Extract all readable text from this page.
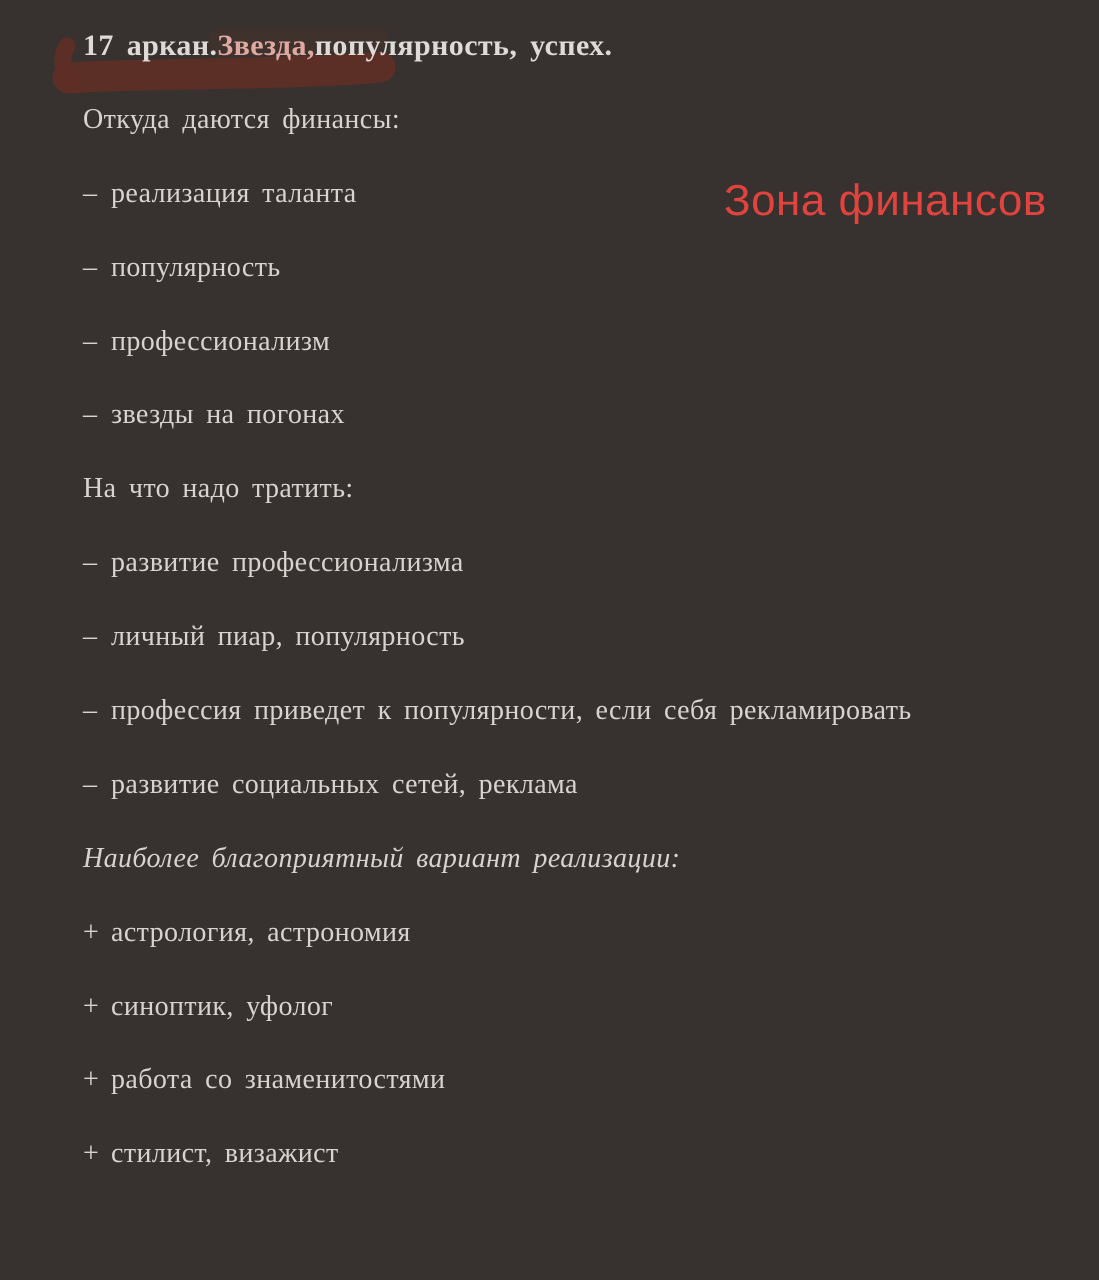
Зона финансов
17 аркан. Звезда, популярность, успех.
Откуда даются финансы:
– реализация таланта
– популярность
– профессионализм
– звезды на погонах
На что надо тратить:
– развитие профессионализма
– личный пиар, популярность
– профессия приведет к популярности, если себя рекламировать
– развитие социальных сетей, реклама
Наиболее благоприятный вариант реализации:
+ астрология, астрономия
+ синоптик, уфолог
+ работа со знаменитостями
+ стилист, визажист
